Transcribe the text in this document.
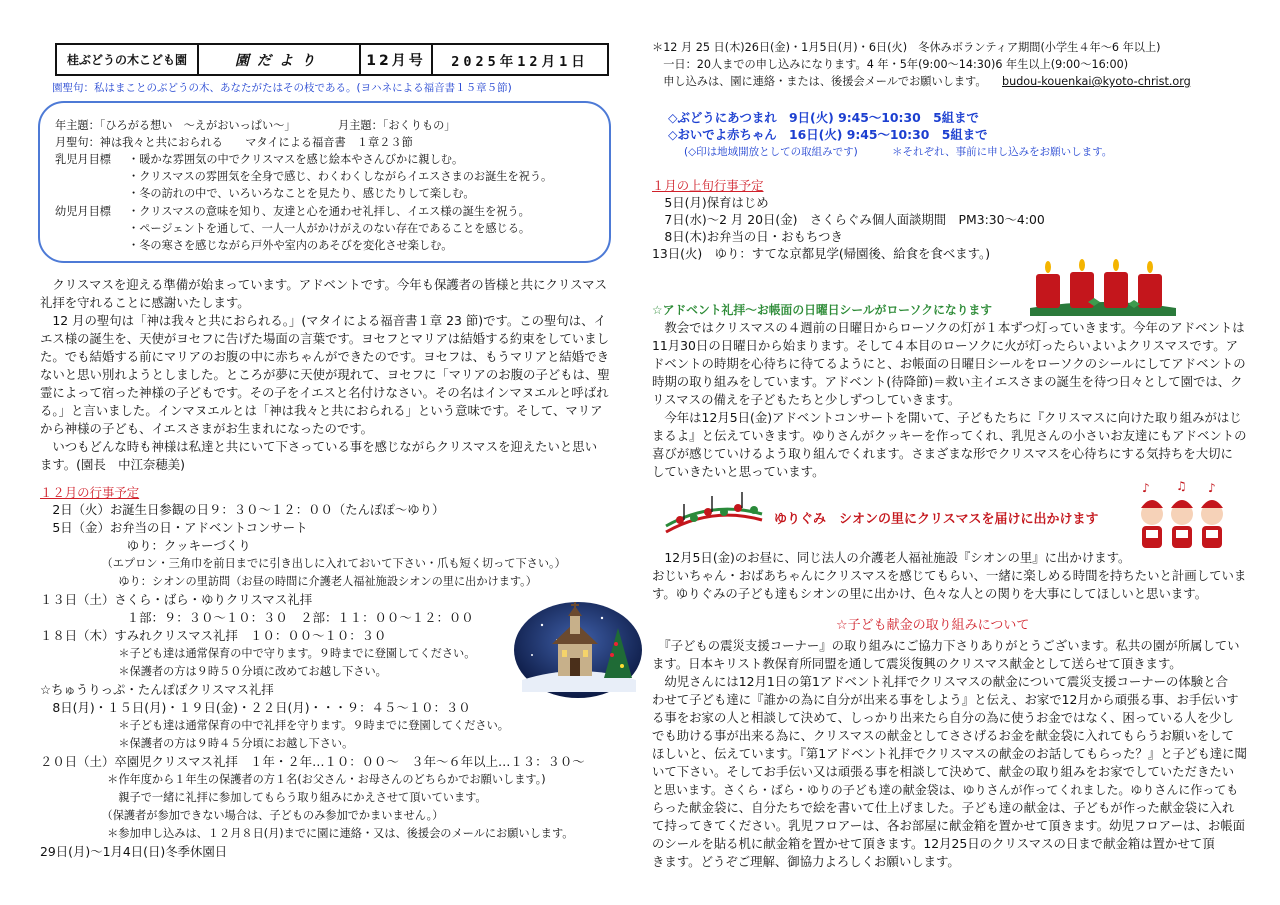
桂ぶどうの木こども園	園だより	12月号	2025年12月1日
園聖句：私はまことのぶどうの木、あなたがたはその枝である。(ヨハネによる福音書１５章５節)
年主題：「ひろがる想い　～えがおいっぱい～」	月主題：「おくりもの」
月聖句：神は我々と共におられる　　マタイによる福音書　１章２３節
乳児月目標 ・暖かな雰囲気の中でクリスマスを感じ絵本やさんびかに親しむ。
・クリスマスの雰囲気を全身で感じ、わくわくしながらイエスさまのお誕生を祝う。
・冬の訪れの中で、いろいろなことを見たり、感じたりして楽しむ。
幼児月目標 ・クリスマスの意味を知り、友達と心を通わせ礼拝し、イエス様の誕生を祝う。
・ページェントを通して、一人一人がかけがえのない存在であることを感じる。
・冬の寒さを感じながら戸外や室内のあそびを変化させ楽しむ。
　クリスマスを迎える準備が始まっています。アドベントです。今年も保護者の皆様と共にクリスマス
礼拝を守れることに感謝いたします。
　12 月の聖句は「神は我々と共におられる。」(マタイによる福音書１章 23 節)です。この聖句は、イ
エス様の誕生を、天使がヨセフに告げた場面の言葉です。ヨセフとマリアは結婚する約束をしていまし
た。でも結婚する前にマリアのお腹の中に赤ちゃんができたのです。ヨセフは、もうマリアと結婚でき
ないと思い別れようとしました。ところが夢に天使が現れて、ヨセフに「マリアのお腹の子どもは、聖
霊によって宿った神様の子どもです。その子をイエスと名付けなさい。その名はインマヌエルと呼ばれ
る。」と言いました。インマヌエルとは「神は我々と共におられる」という意味です。そして、マリア
から神様の子ども、イエスさまがお生まれになったのです。
　いつもどんな時も神様は私達と共にいて下さっている事を感じながらクリスマスを迎えたいと思い
ます。(園長　中江奈穂美)
１２月の行事予定
　2日（火）お誕生日参観の日９：３０～１２：００（たんぽぽ～ゆり）
　5日（金）お弁当の日・アドベントコンサート
　　　　　　　ゆり：クッキーづくり
　　　　　　（エプロン・三角巾を前日までに引き出しに入れておいて下さい・爪も短く切って下さい。）
　　　　　　　ゆり：シオンの里訪問（お昼の時間に介護老人福祉施設シオンの里に出かけます。）
１３日（土）さくら・ばら・ゆりクリスマス礼拝
　　　　　　　１部：９：３０～１０：３０　２部：１１：００～１２：００
１８日（木）すみれクリスマス礼拝　１０：００～１０：３０
　　　　　　　＊子ども達は通常保育の中で守ります。９時までに登園してください。
　　　　　　　＊保護者の方は９時５０分頃に改めてお越し下さい。
☆ちゅうりっぷ・たんぽぽクリスマス礼拝
　8日(月)・１５日(月)・１９日(金)・２２日(月)・・・９：４５～１０：３０
　　　　　　　＊子ども達は通常保育の中で礼拝を守ります。９時までに登園してください。
　　　　　　　＊保護者の方は９時４５分頃にお越し下さい。
２０日（土）卒園児クリスマス礼拝　１年・２年…１０：００～　３年～６年以上…１３：３０～
　　　　　　＊作年度から１年生の保護者の方１名(お父さん・お母さんのどちらかでお願いします。)
　　　　　　　親子で一緒に礼拝に参加してもらう取り組みにかえさせて頂いています。
　　　　　　（保護者が参加できない場合は、子どものみ参加でかまいません。）
　　　　　　＊参加申し込みは、１２月８日(月)までに園に連絡・又は、後援会のメールにお願いします。
29日(月)～1月4日(日)冬季休園日
＊12 月 25 日(木)26日(金)・1月5日(月)・6日(火)　冬休みボランティア期間(小学生４年～6 年以上)
　一日：20人までの申し込みになります。4 年・5年(9:00～14:30)6 年生以上(9:00～16:00)
　申し込みは、園に連絡・または、後援会メールでお願いします。 budou-kouenkai@kyoto-christ.org
◇ぶどうにあつまれ　9日(火) 9:45～10:30　5組まで
◇おいでよ赤ちゃん　16日(火) 9:45～10:30　5組まで
(◇印は地域開放としての取組みです)	＊それぞれ、事前に申し込みをお願いします。
１月の上旬行事予定
　5日(月)保育はじめ
　7日(水)～2 月 20日(金)　さくらぐみ個人面談期間　PM3:30～4:00
　8日(木)お弁当の日・おもちつき
13日(火)　ゆり：すてな京都見学(帰園後、給食を食べます。)
☆アドベント礼拝～お帳面の日曜日シールがローソクになります
　教会ではクリスマスの４週前の日曜日からローソクの灯が１本ずつ灯っていきます。今年のアドベントは
11月30日の日曜日から始まります。そして４本目のローソクに火が灯ったらいよいよクリスマスです。ア
ドベントの時期を心待ちに待てるようにと、お帳面の日曜日シールをローソクのシールにしてアドベントの
時期の取り組みをしています。アドベント(待降節)＝救い主イエスさまの誕生を待つ日々として園では、ク
リスマスの備えを子どもたちと少しずつしていきます。
　今年は12月5日(金)アドベントコンサートを開いて、子どもたちに『クリスマスに向けた取り組みがはじ
まるよ』と伝えていきます。ゆりさんがクッキーを作ってくれ、乳児さんの小さいお友達にもアドベントの
喜びが感じていけるよう取り組んでくれます。さまざまな形でクリスマスを心待ちにする気持ちを大切に
していきたいと思っています。
ゆりぐみ　シオンの里にクリスマスを届けに出かけます
♪ ♫ ♪
　12月5日(金)のお昼に、同じ法人の介護老人福祉施設『シオンの里』に出かけます。
おじいちゃん・おばあちゃんにクリスマスを感じてもらい、一緒に楽しめる時間を持ちたいと計画していま
す。ゆりぐみの子ども達もシオンの里に出かけ、色々な人との関りを大事にしてほしいと思います。
☆子ども献金の取り組みについて
　『子どもの震災支援コーナー』の取り組みにご協力下さりありがとうございます。私共の園が所属してい
ます。日本キリスト教保育所同盟を通して震災復興のクリスマス献金として送らせて頂きます。
　幼児さんには12月1日の第1アドベント礼拝でクリスマスの献金について震災支援コーナーの体験と合
わせて子ども達に『誰かの為に自分が出来る事をしよう』と伝え、お家で12月から頑張る事、お手伝いす
る事をお家の人と相談して決めて、しっかり出来たら自分の為に使うお金ではなく、困っている人を少し
でも助ける事が出来る為に、クリスマスの献金としてささげるお金を献金袋に入れてもらうお願いをして
ほしいと、伝えています。『第1アドベント礼拝でクリスマスの献金のお話してもらった？』と子ども達に聞
いて下さい。そしてお手伝い又は頑張る事を相談して決めて、献金の取り組みをお家でしていただきたい
と思います。さくら・ばら・ゆりの子ども達の献金袋は、ゆりさんが作ってくれました。ゆりさんに作っても
らった献金袋に、自分たちで絵を書いて仕上げました。子ども達の献金は、子どもが作った献金袋に入れ
て持ってきてください。乳児フロアーは、各お部屋に献金箱を置かせて頂きます。幼児フロアーは、お帳面
のシールを貼る机に献金箱を置かせて頂きます。12月25日のクリスマスの日まで献金箱は置かせて頂
きます。どうぞご理解、御協力よろしくお願いします。
